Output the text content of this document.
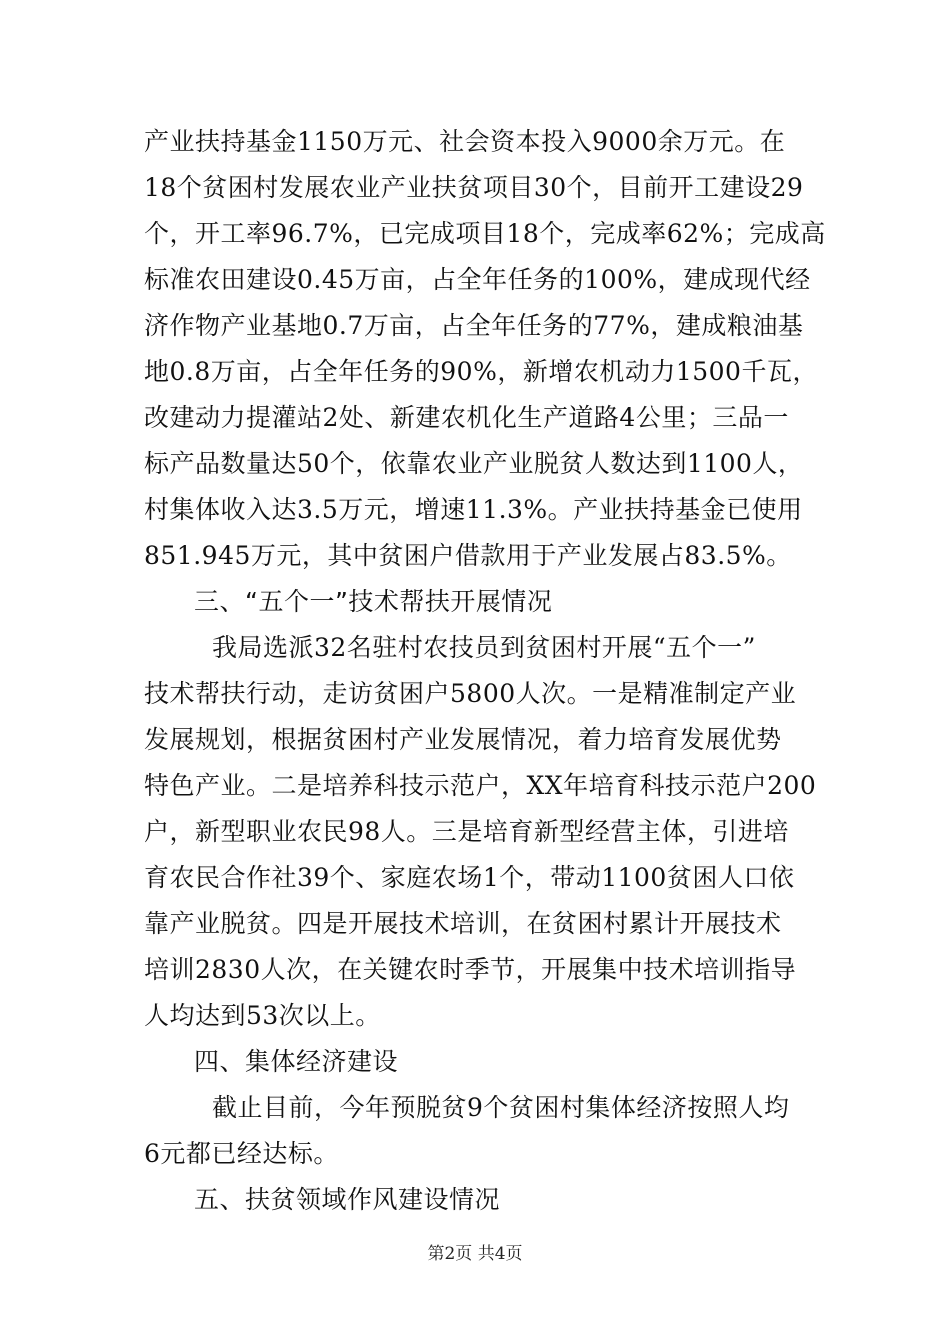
产业扶持基金1150万元、社会资本投入9000余万元。在
18个贫困村发展农业产业扶贫项目30个，目前开工建设29
个，开工率96.7%，已完成项目18个，完成率62%；完成高
标准农田建设0.45万亩，占全年任务的100%，建成现代经
济作物产业基地0.7万亩，占全年任务的77%，建成粮油基
地0.8万亩，占全年任务的90%，新增农机动力1500千瓦，
改建动力提灌站2处、新建农机化生产道路4公里；三品一
标产品数量达50个，依靠农业产业脱贫人数达到1100人，
村集体收入达3.5万元，增速11.3%。产业扶持基金已使用
851.945万元，其中贫困户借款用于产业发展占83.5%。
三、“五个一”技术帮扶开展情况
我局选派32名驻村农技员到贫困村开展“五个一”
技术帮扶行动，走访贫困户5800人次。一是精准制定产业
发展规划，根据贫困村产业发展情况，着力培育发展优势
特色产业。二是培养科技示范户，XX年培育科技示范户200
户，新型职业农民98人。三是培育新型经营主体，引进培
育农民合作社39个、家庭农场1个，带动1100贫困人口依
靠产业脱贫。四是开展技术培训，在贫困村累计开展技术
培训2830人次，在关键农时季节，开展集中技术培训指导
人均达到53次以上。
四、集体经济建设
截止目前，今年预脱贫9个贫困村集体经济按照人均
6元都已经达标。
五、扶贫领域作风建设情况
第2页 共4页
